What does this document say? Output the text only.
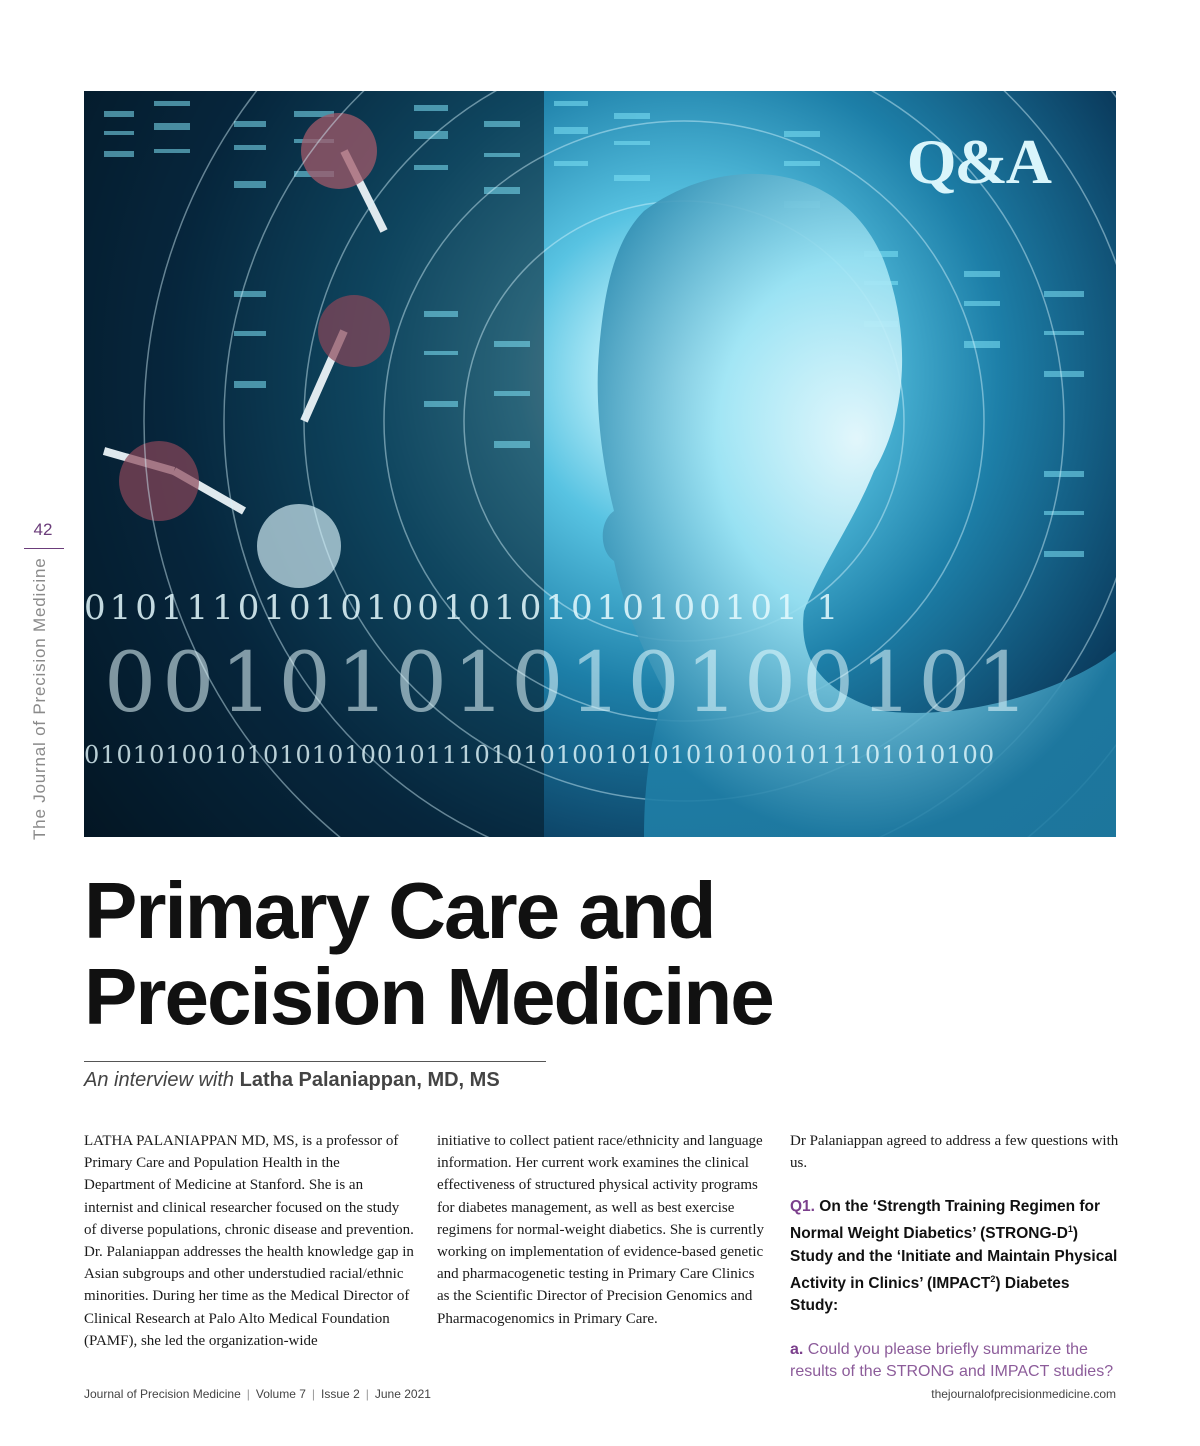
42
The Journal of Precision Medicine 0101110101010010101010100101 1
0010101010100101
01010100101010101001011101010100101010101001011101010100
Q&A
Primary Care and
Precision Medicine
An interview with Latha Palaniappan, MD, MS

LATHA PALANIAPPAN MD, MS, is a professor of Primary Care and Population Health in the Department of Medicine at Stanford. She is an internist and clinical researcher focused on the study of diverse populations, chronic disease and prevention. Dr. Palaniappan addresses the health knowledge gap in Asian subgroups and other understudied racial/ethnic minorities. During her time as the Medical Director of Clinical Research at Palo Alto Medical Foundation (PAMF), she led the organization-wide

initiative to collect patient race/ethnicity and language information. Her current work examines the clinical effectiveness of structured physical activity programs for diabetes management, as well as best exercise regimens for normal-weight diabetics. She is currently working on implementation of evidence-based genetic and pharmacogenetic testing in Primary Care Clinics as the Scientific Director of Precision Genomics and Pharmacogenomics in Primary Care.

Dr Palaniappan agreed to address a few questions with us.

Q1. On the ‘Strength Training Regimen for Normal Weight Diabetics’ $(STRONG-D^1)$ Study and the ‘Initiate and Maintain Physical Activity in Clinics’ (IMPACT$^2$) Diabetes Study:
a. Could you please briefly summarize the results of the STRONG and IMPACT studies?
Journal of Precision Medicine | Volume 7 | Issue 2 | June 2021	thejournalofprecisionmedicine.com
